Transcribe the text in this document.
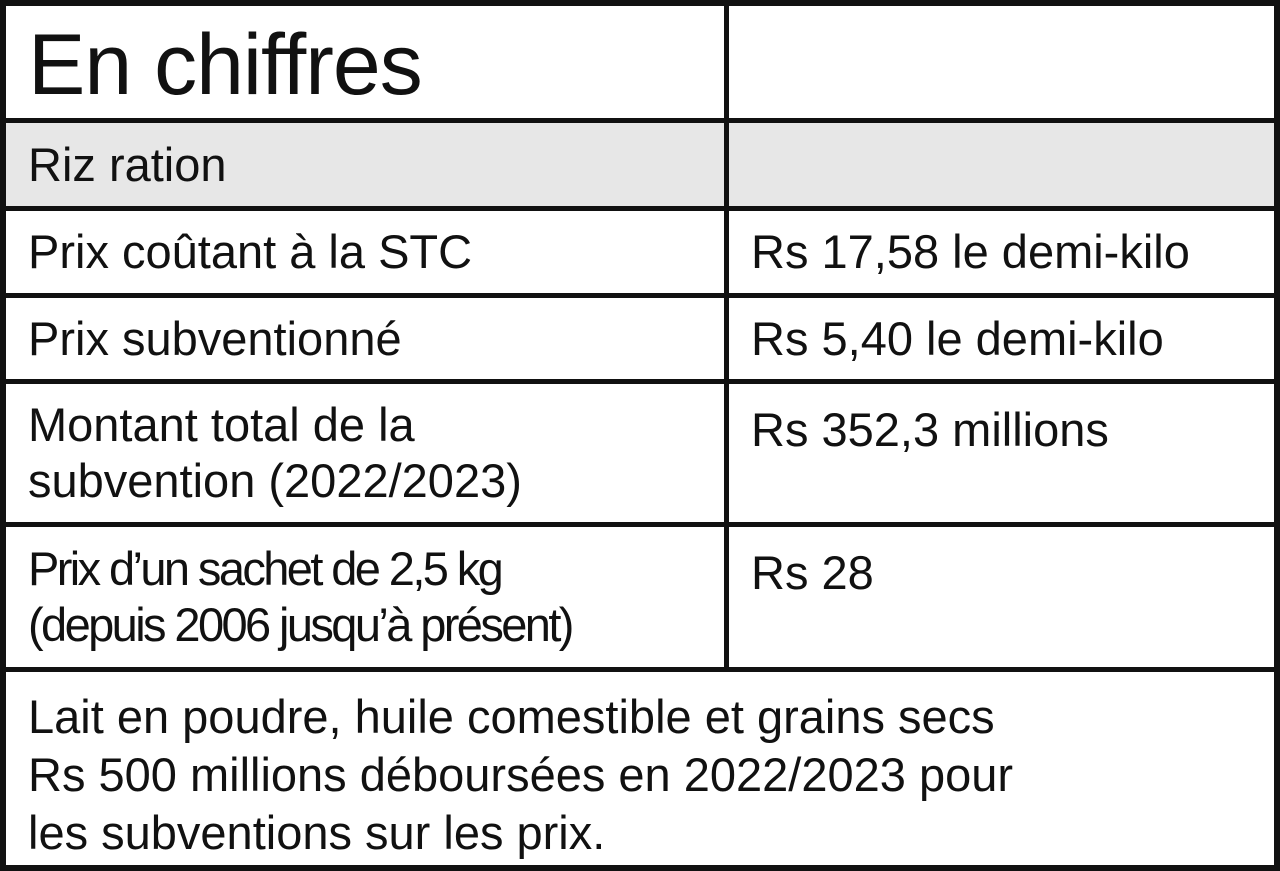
En chiffres
Riz ration
Prix coûtant à la STC	Rs 17,58 le demi-kilo
Prix subventionné	Rs 5,40 le demi-kilo
Montant total de la
subvention (2022/2023)
Rs 352,3 millions
Prix d’un sachet de 2,5 kg
(depuis 2006 jusqu’à présent)
Rs 28
Lait en poudre, huile comestible et grains secs
Rs 500 millions déboursées en 2022/2023 pour
les subventions sur les prix.
